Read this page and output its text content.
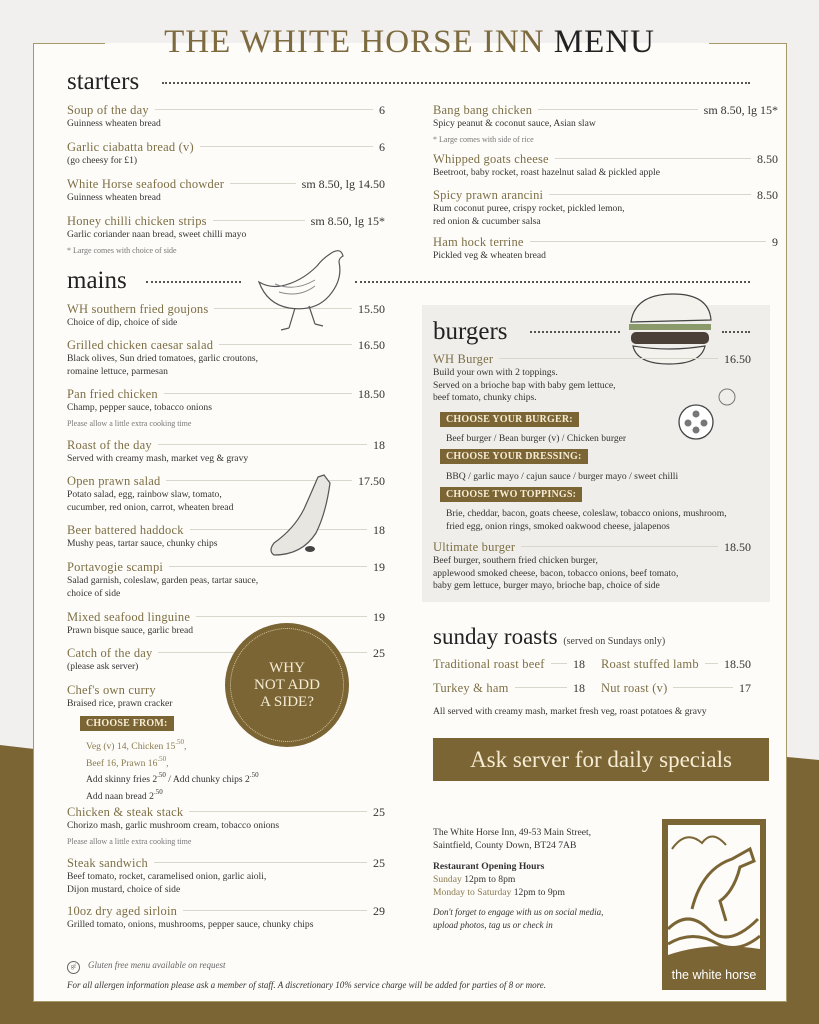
THE WHITE HORSE INN MENU
starters
Soup of the day	6
Guinness wheaten bread
Garlic ciabatta bread (v)	6
(go cheesy for £1)
White Horse seafood chowder	sm 8.50, lg 14.50
Guinness wheaten bread
Honey chilli chicken strips	sm 8.50, lg 15*
Garlic coriander naan bread, sweet chilli mayo
* Large comes with choice of side
Bang bang chicken	sm 8.50, lg 15*
Spicy peanut & coconut sauce, Asian slaw
* Large comes with side of rice
Whipped goats cheese	8.50
Beetroot, baby rocket, roast hazelnut salad & pickled apple
Spicy prawn arancini	8.50
Rum coconut puree, crispy rocket, pickled lemon,
red onion & cucumber salsa
Ham hock terrine	9
Pickled veg & wheaten bread
mains
WH southern fried goujons	15.50
Choice of dip, choice of side
Grilled chicken caesar salad	16.50
Black olives, Sun dried tomatoes, garlic croutons,
romaine lettuce, parmesan
Pan fried chicken	18.50
Champ, pepper sauce, tobacco onions
Please allow a little extra cooking time
Roast of the day	18
Served with creamy mash, market veg & gravy
Open prawn salad	17.50
Potato salad, egg, rainbow slaw, tomato,
cucumber, red onion, carrot, wheaten bread
Beer battered haddock	18
Mushy peas, tartar sauce, chunky chips
Portavogie scampi	19
Salad garnish, coleslaw, garden peas, tartar sauce,
choice of side
Mixed seafood linguine	19
Prawn bisque sauce, garlic bread
Catch of the day	25
(please ask server)
Chef's own curry
Braised rice, prawn cracker
Chicken & steak stack	25
Chorizo mash, garlic mushroom cream, tobacco onions
Please allow a little extra cooking time
Steak sandwich	25
Beef tomato, rocket, caramelised onion, garlic aioli,
Dijon mustard, choice of side
10oz dry aged sirloin	29
Grilled tomato, onions, mushrooms, pepper sauce, chunky chips
CHOOSE FROM:
Veg (v) 14, Chicken $15^{.50}$,
Beef 16, Prawn $16^{.50}$,
Add skinny fries $2^{.50}$ / Add chunky chips $2^{.50}$
Add naan bread $2^{.50}$
WHY
NOT ADD
A SIDE?
burgers
WH Burger	16.50
Build your own with 2 toppings.
Served on a brioche bap with baby gem lettuce,
beef tomato, chunky chips.
CHOOSE YOUR BURGER:
Beef burger / Bean burger (v) / Chicken burger
CHOOSE YOUR DRESSING:
BBQ / garlic mayo / cajun sauce / burger mayo / sweet chilli
CHOOSE TWO TOPPINGS:
Brie, cheddar, bacon, goats cheese, coleslaw, tobacco onions, mushroom,
fried egg, onion rings, smoked oakwood cheese, jalapenos
Ultimate burger	18.50
Beef burger, southern fried chicken burger,
applewood smoked cheese, bacon, tobacco onions, beef tomato,
baby gem lettuce, burger mayo, brioche bap, choice of side
sunday roasts (served on Sundays only)
Traditional roast beef 18 Roast stuffed lamb 18.50
Turkey & ham	18 Nut roast (v)	17
All served with creamy mash, market fresh veg, roast potatoes & gravy
Ask server for daily specials
The White Horse Inn, 49-53 Main Street,
Saintfield, County Down, BT24 7AB
Restaurant Opening Hours
Sunday 12pm to 8pm
Monday to Saturday 12pm to 9pm
Don't forget to engage with us on social media,
upload photos, tag us or check in
the white horse
gf Gluten free menu available on request
For all allergen information please ask a member of staff. A discretionary 10% service charge will be added for parties of 8 or more.
